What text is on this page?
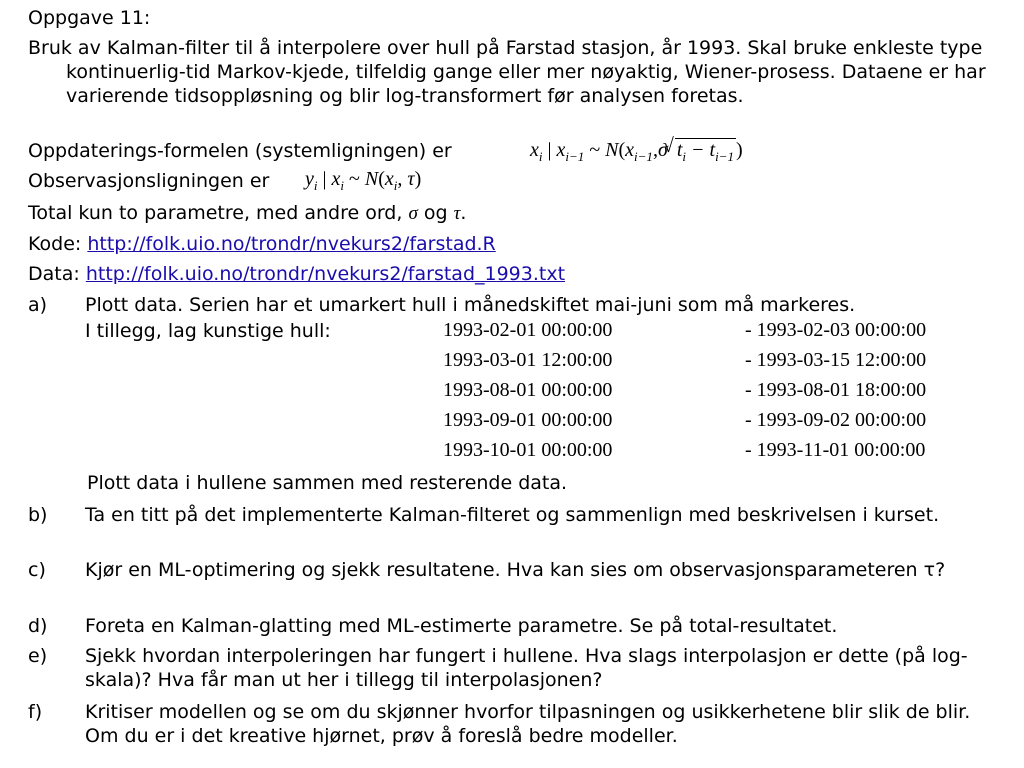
Oppgave 11:
Bruk av Kalman-filter til å interpolere over hull på Farstad stasjon, år 1993. Skal bruke enkleste type kontinuerlig-tid Markov-kjede, tilfeldig gange eller mer nøyaktig, Wiener-prosess. Dataene er har varierende tidsoppløsning og blir log-transformert før analysen foretas.
Oppdaterings-formelen (systemligningen) er	$x_i$ | $x_{i-1}$ ~ $N(x_{i-1},\sigma$ √ $t_i - t_{i-1}$ )
Observasjonsligningen er $y_i$ | $x_i$ ~ $N(x_i$, τ)
Total kun to parametre, med andre ord, σ og τ.
Kode: http://folk.uio.no/trondr/nvekurs2/farstad.R
Data: http://folk.uio.no/trondr/nvekurs2/farstad_1993.txt
a) Plott data. Serien har et umarkert hull i månedskiftet mai-juni som må markeres.
I tillegg, lag kunstige hull:	1993-02-01 00:00:00	- 1993-02-03 00:00:00
1993-03-01 12:00:00	- 1993-03-15 12:00:00
1993-08-01 00:00:00	- 1993-08-01 18:00:00
1993-09-01 00:00:00	- 1993-09-02 00:00:00
1993-10-01 00:00:00	- 1993-11-01 00:00:00
Plott data i hullene sammen med resterende data.
b) Ta en titt på det implementerte Kalman-filteret og sammenlign med beskrivelsen i kurset.
c) Kjør en ML-optimering og sjekk resultatene. Hva kan sies om observasjonsparameteren τ?
d) Foreta en Kalman-glatting med ML-estimerte parametre. Se på total-resultatet.
e) Sjekk hvordan interpoleringen har fungert i hullene. Hva slags interpolasjon er dette (på log-skala)? Hva får man ut her i tillegg til interpolasjonen?
f) Kritiser modellen og se om du skjønner hvorfor tilpasningen og usikkerhetene blir slik de blir. Om du er i det kreative hjørnet, prøv å foreslå bedre modeller.
